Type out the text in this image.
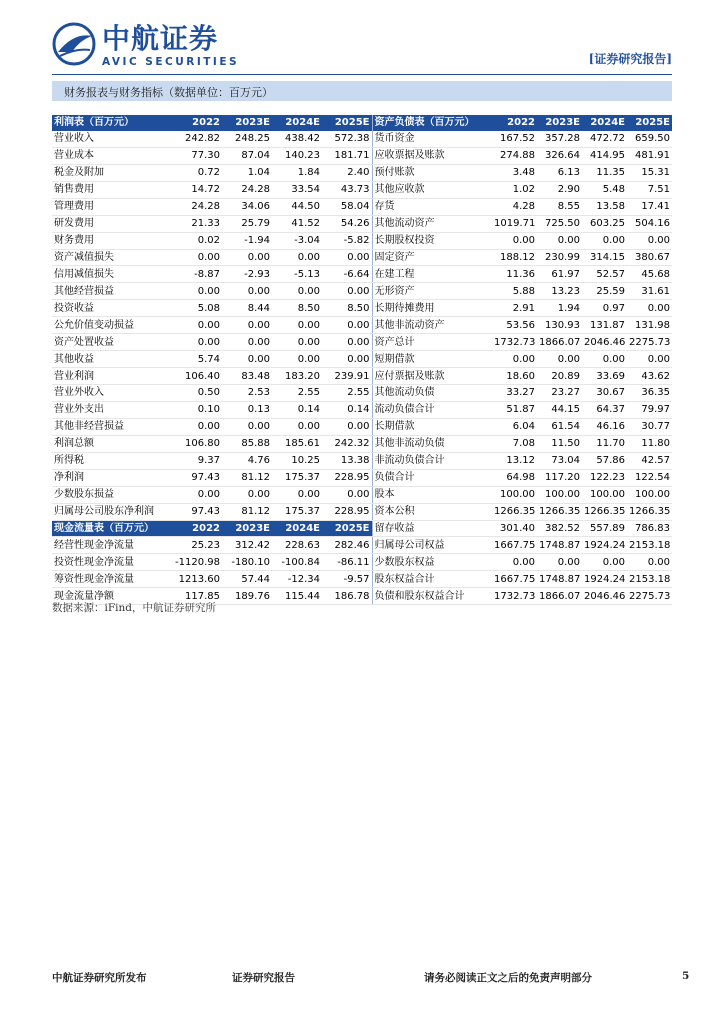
中航证券
AVIC SECURITIES	[证券研究报告]
财务报表与财务指标（数据单位：百万元）
利润表（百万元）	2022	2023E	2024E	2025E	资产负债表（百万元）	2022	2023E	2024E	2025E
营业收入	242.82	248.25	438.42	572.38	货币资金	167.52	357.28	472.72	659.50
营业成本	77.30	87.04	140.23	181.71	应收票据及账款	274.88	326.64	414.95	481.91
税金及附加	0.72	1.04	1.84	2.40	预付账款	3.48	6.13	11.35	15.31
销售费用	14.72	24.28	33.54	43.73	其他应收款	1.02	2.90	5.48	7.51
管理费用	24.28	34.06	44.50	58.04	存货	4.28	8.55	13.58	17.41
研发费用	21.33	25.79	41.52	54.26	其他流动资产	1019.71	725.50	603.25	504.16
财务费用	0.02	-1.94	-3.04	-5.82	长期股权投资	0.00	0.00	0.00	0.00
资产减值损失	0.00	0.00	0.00	0.00	固定资产	188.12	230.99	314.15	380.67
信用减值损失	-8.87	-2.93	-5.13	-6.64	在建工程	11.36	61.97	52.57	45.68
其他经营损益	0.00	0.00	0.00	0.00	无形资产	5.88	13.23	25.59	31.61
投资收益	5.08	8.44	8.50	8.50	长期待摊费用	2.91	1.94	0.97	0.00
公允价值变动损益	0.00	0.00	0.00	0.00	其他非流动资产	53.56	130.93	131.87	131.98
资产处置收益	0.00	0.00	0.00	0.00	资产总计	1732.73	1866.07	2046.46	2275.73
其他收益	5.74	0.00	0.00	0.00	短期借款	0.00	0.00	0.00	0.00
营业利润	106.40	83.48	183.20	239.91	应付票据及账款	18.60	20.89	33.69	43.62
营业外收入	0.50	2.53	2.55	2.55	其他流动负债	33.27	23.27	30.67	36.35
营业外支出	0.10	0.13	0.14	0.14	流动负债合计	51.87	44.15	64.37	79.97
其他非经营损益	0.00	0.00	0.00	0.00	长期借款	6.04	61.54	46.16	30.77
利润总额	106.80	85.88	185.61	242.32	其他非流动负债	7.08	11.50	11.70	11.80
所得税	9.37	4.76	10.25	13.38	非流动负债合计	13.12	73.04	57.86	42.57
净利润	97.43	81.12	175.37	228.95	负债合计	64.98	117.20	122.23	122.54
少数股东损益	0.00	0.00	0.00	0.00	股本	100.00	100.00	100.00	100.00
归属母公司股东净利润	97.43	81.12	175.37	228.95	资本公积	1266.35	1266.35	1266.35	1266.35
现金流量表（百万元）	2022	2023E	2024E	2025E	留存收益	301.40	382.52	557.89	786.83
经营性现金净流量	25.23	312.42	228.63	282.46	归属母公司权益	1667.75	1748.87	1924.24	2153.18
投资性现金净流量	-1120.98	-180.10	-100.84	-86.11	少数股东权益	0.00	0.00	0.00	0.00
筹资性现金净流量	1213.60	57.44	-12.34	-9.57	股东权益合计	1667.75	1748.87	1924.24	2153.18
现金流量净额	117.85	189.76	115.44	186.78	负债和股东权益合计	1732.73	1866.07	2046.46	2275.73
数据来源：iFind，中航证券研究所
中航证券研究所发布	证券研究报告	请务必阅读正文之后的免责声明部分	5
